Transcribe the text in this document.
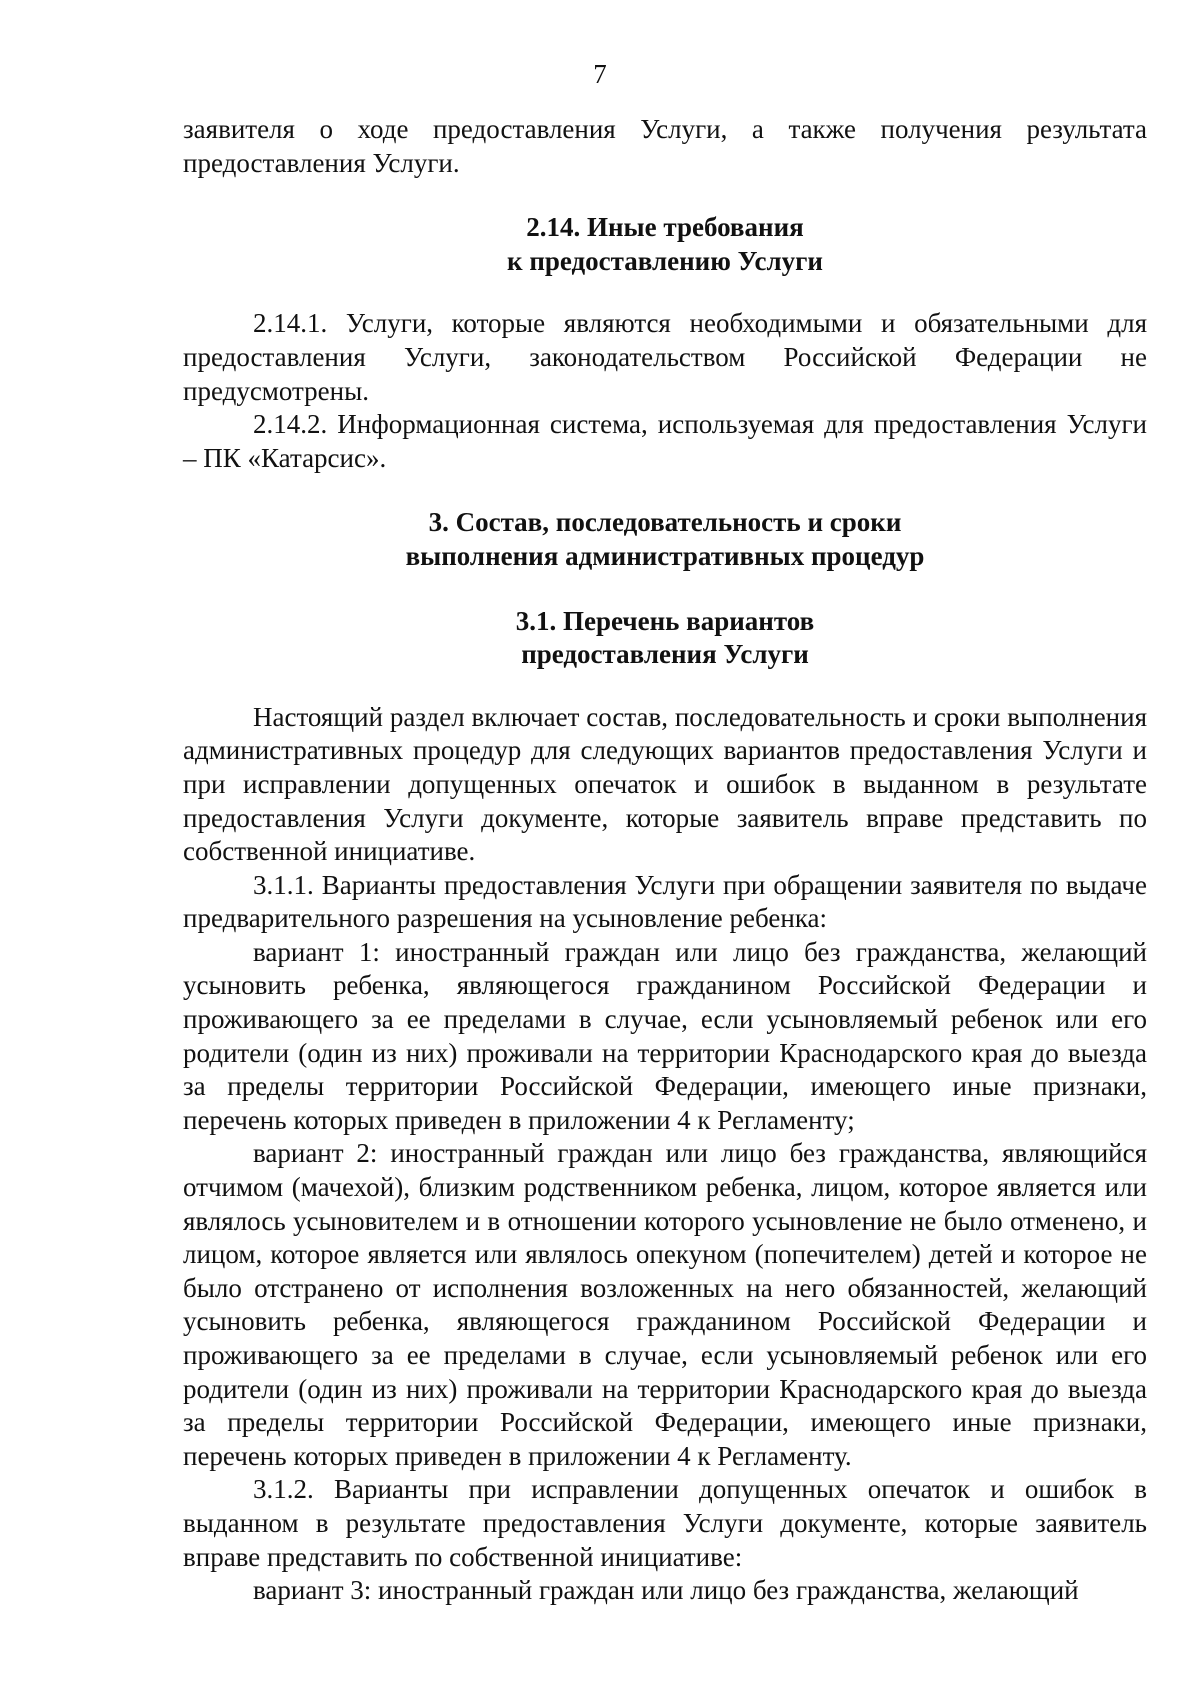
7

заявителя о ходе предоставления Услуги, а также получения результата предоставления Услуги.

2.14. Иные требования
к предоставлению Услуги

2.14.1. Услуги, которые являются необходимыми и обязательными для предоставления Услуги, законодательством Российской Федерации не предусмотрены.

2.14.2. Информационная система, используемая для предоставления Услуги – ПК «Катарсис».

3. Состав, последовательность и сроки
выполнения административных процедур
3.1. Перечень вариантов
предоставления Услуги

Настоящий раздел включает состав, последовательность и сроки выполнения административных процедур для следующих вариантов предоставления Услуги и при исправлении допущенных опечаток и ошибок в выданном в результате предоставления Услуги документе, которые заявитель вправе представить по собственной инициативе.

3.1.1. Варианты предоставления Услуги при обращении заявителя по выдаче предварительного разрешения на усыновление ребенка:

вариант 1: иностранный граждан или лицо без гражданства, желающий усыновить ребенка, являющегося гражданином Российской Федерации и проживающего за ее пределами в случае, если усыновляемый ребенок или его родители (один из них) проживали на территории Краснодарского края до выезда за пределы территории Российской Федерации, имеющего иные признаки, перечень которых приведен в приложении 4 к Регламенту;

вариант 2: иностранный граждан или лицо без гражданства, являющийся отчимом (мачехой), близким родственником ребенка, лицом, которое является или являлось усыновителем и в отношении которого усыновление не было отменено, и лицом, которое является или являлось опекуном (попечителем) детей и которое не было отстранено от исполнения возложенных на него обязанностей, желающий усыновить ребенка, являющегося гражданином Российской Федерации и проживающего за ее пределами в случае, если усыновляемый ребенок или его родители (один из них) проживали на территории Краснодарского края до выезда за пределы территории Российской Федерации, имеющего иные признаки, перечень которых приведен в приложении 4 к Регламенту.

3.1.2. Варианты при исправлении допущенных опечаток и ошибок в выданном в результате предоставления Услуги документе, которые заявитель вправе представить по собственной инициативе:

вариант 3: иностранный граждан или лицо без гражданства, желающий
